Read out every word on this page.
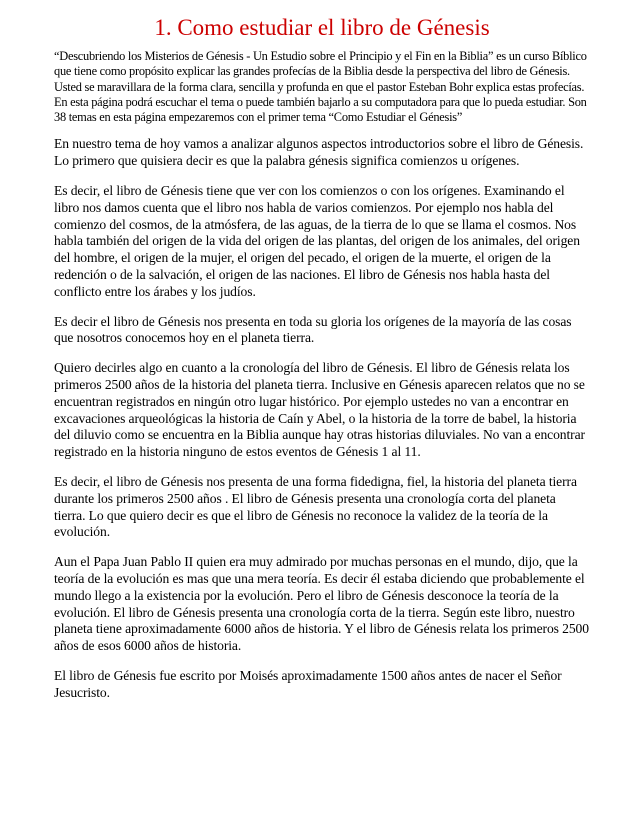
1. Como estudiar el libro de Génesis

“Descubriendo los Misterios de Génesis - Un Estudio sobre el Principio y el Fin en la Biblia” es un curso Bíblico que tiene como propósito explicar las grandes profecías de la Biblia desde la perspectiva del libro de Génesis. Usted se maravillara de la forma clara, sencilla y profunda en que el pastor Esteban Bohr explica estas profecías. En esta página podrá escuchar el tema o puede también bajarlo a su computadora para que lo pueda estudiar. Son 38 temas en esta página empezaremos con el primer tema “Como Estudiar el Génesis”

En nuestro tema de hoy vamos a analizar algunos aspectos introductorios sobre el libro de Génesis. Lo primero que quisiera decir es que la palabra génesis significa comienzos u orígenes.

Es decir, el libro de Génesis tiene que ver con los comienzos o con los orígenes. Examinando el libro nos damos cuenta que el libro nos habla de varios comienzos. Por ejemplo nos habla del comienzo del cosmos, de la atmósfera, de las aguas, de la tierra de lo que se llama el cosmos. Nos habla también del origen de la vida del origen de las plantas, del origen de los animales, del origen del hombre, el origen de la mujer, el origen del pecado, el origen de la muerte, el origen de la redención o de la salvación, el origen de las naciones. El libro de Génesis nos habla hasta del conflicto entre los árabes y los judíos.

Es decir el libro de Génesis nos presenta en toda su gloria los orígenes de la mayoría de las cosas que nosotros conocemos hoy en el planeta tierra.

Quiero decirles algo en cuanto a la cronología del libro de Génesis. El libro de Génesis relata los primeros 2500 años de la historia del planeta tierra. Inclusive en Génesis aparecen relatos que no se encuentran registrados en ningún otro lugar histórico. Por ejemplo ustedes no van a encontrar en excavaciones arqueológicas la historia de Caín y Abel, o la historia de la torre de babel, la historia del diluvio como se encuentra en la Biblia aunque hay otras historias diluviales. No van a encontrar registrado en la historia ninguno de estos eventos de Génesis 1 al 11.

Es decir, el libro de Génesis nos presenta de una forma fidedigna, fiel, la historia del planeta tierra durante los primeros 2500 años . El libro de Génesis presenta una cronología corta del planeta tierra. Lo que quiero decir es que el libro de Génesis no reconoce la validez de la teoría de la evolución.

Aun el Papa Juan Pablo II quien era muy admirado por muchas personas en el mundo, dijo, que la teoría de la evolución es mas que una mera teoría. Es decir él estaba diciendo que probablemente el mundo llego a la existencia por la evolución. Pero el libro de Génesis desconoce la teoría de la evolución. El libro de Génesis presenta una cronología corta de la tierra. Según este libro, nuestro planeta tiene aproximadamente 6000 años de historia. Y el libro de Génesis relata los primeros 2500 años de esos 6000 años de historia.

El libro de Génesis fue escrito por Moisés aproximadamente 1500 años antes de nacer el Señor Jesucristo.
